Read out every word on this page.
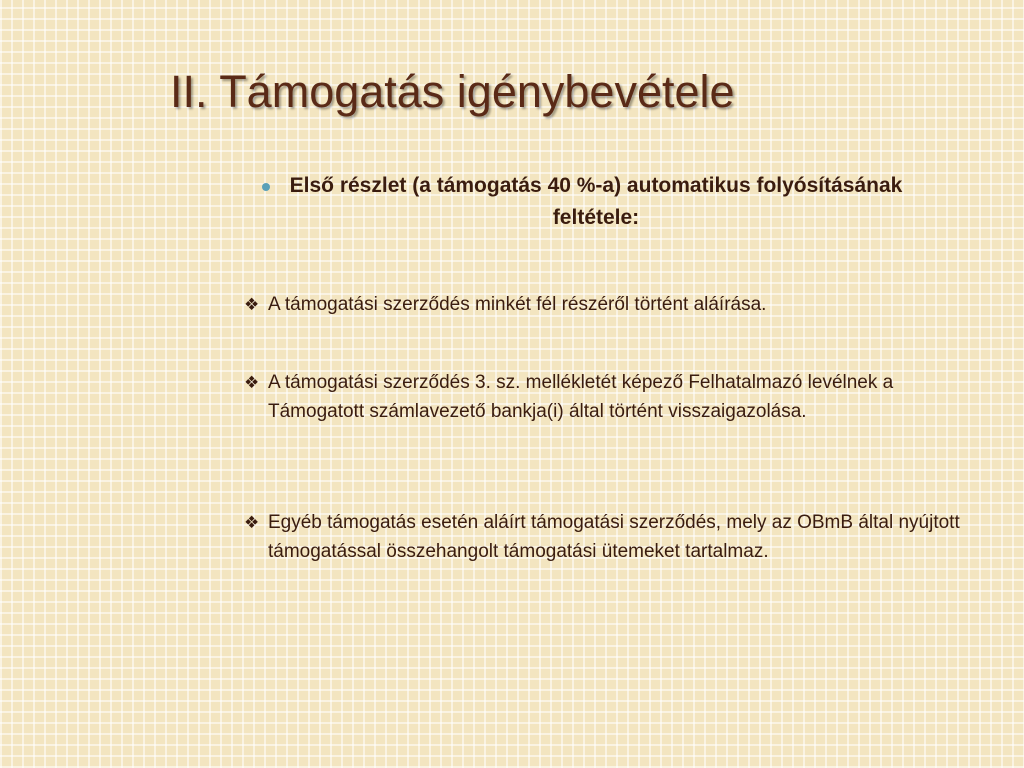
II. Támogatás igénybevétele
Első részlet (a támogatás 40 %-a) automatikus folyósításának feltétele:
❖ A támogatási szerződés minkét fél részéről történt aláírása.
❖ A támogatási szerződés 3. sz. mellékletét képező Felhatalmazó levélnek a Támogatott számlavezető bankja(i) által történt visszaigazolása.
❖ Egyéb támogatás esetén aláírt támogatási szerződés, mely az OBmB által nyújtott támogatással összehangolt támogatási ütemeket tartalmaz.
